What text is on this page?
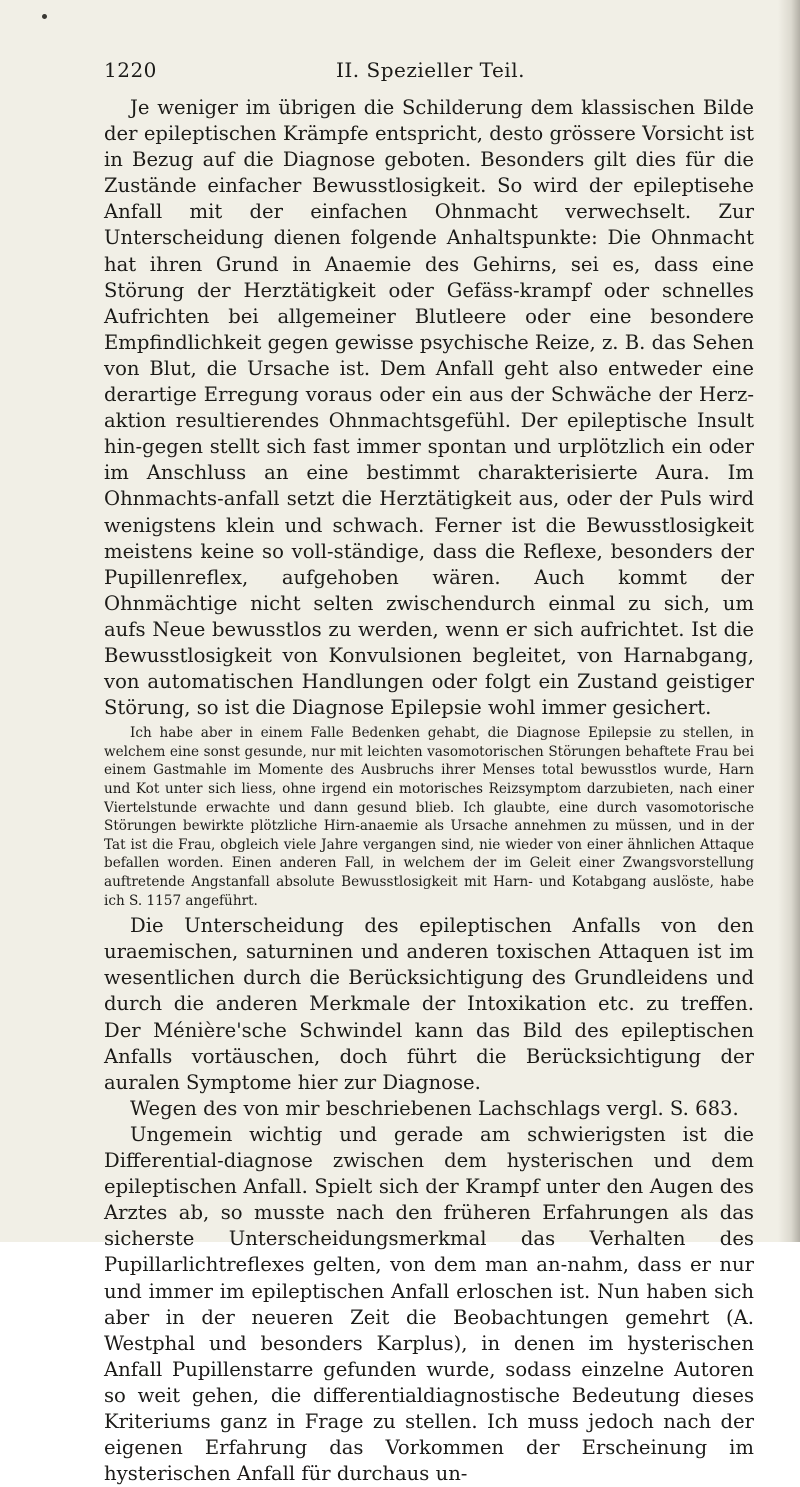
1220	II. Spezieller Teil.

Je weniger im übrigen die Schilderung dem klassischen Bilde der epileptischen Krämpfe entspricht, desto grössere Vorsicht ist in Bezug auf die Diagnose geboten. Besonders gilt dies für die Zustände einfacher Bewusstlosigkeit. So wird der epileptisehe Anfall mit der einfachen Ohnmacht verwechselt. Zur Unterscheidung dienen folgende Anhaltspunkte: Die Ohnmacht hat ihren Grund in Anaemie des Gehirns, sei es, dass eine Störung der Herztätigkeit oder Gefäss-krampf oder schnelles Aufrichten bei allgemeiner Blutleere oder eine besondere Empfindlichkeit gegen gewisse psychische Reize, z. B. das Sehen von Blut, die Ursache ist. Dem Anfall geht also entweder eine derartige Erregung voraus oder ein aus der Schwäche der Herz-aktion resultierendes Ohnmachtsgefühl. Der epileptische Insult hin-gegen stellt sich fast immer spontan und urplötzlich ein oder im Anschluss an eine bestimmt charakterisierte Aura. Im Ohnmachts-anfall setzt die Herztätigkeit aus, oder der Puls wird wenigstens klein und schwach. Ferner ist die Bewusstlosigkeit meistens keine so voll-ständige, dass die Reflexe, besonders der Pupillenreflex, aufgehoben wären. Auch kommt der Ohnmächtige nicht selten zwischendurch einmal zu sich, um aufs Neue bewusstlos zu werden, wenn er sich aufrichtet. Ist die Bewusstlosigkeit von Konvulsionen begleitet, von Harnabgang, von automatischen Handlungen oder folgt ein Zustand geistiger Störung, so ist die Diagnose Epilepsie wohl immer gesichert.

Ich habe aber in einem Falle Bedenken gehabt, die Diagnose Epilepsie zu stellen, in welchem eine sonst gesunde, nur mit leichten vasomotorischen Störungen behaftete Frau bei einem Gastmahle im Momente des Ausbruchs ihrer Menses total bewusstlos wurde, Harn und Kot unter sich liess, ohne irgend ein motorisches Reizsymptom darzubieten, nach einer Viertelstunde erwachte und dann gesund blieb. Ich glaubte, eine durch vasomotorische Störungen bewirkte plötzliche Hirn-anaemie als Ursache annehmen zu müssen, und in der Tat ist die Frau, obgleich viele Jahre vergangen sind, nie wieder von einer ähnlichen Attaque befallen worden. Einen anderen Fall, in welchem der im Geleit einer Zwangsvorstellung auftretende Angstanfall absolute Bewusstlosigkeit mit Harn- und Kotabgang auslöste, habe ich S. 1157 angeführt.

Die Unterscheidung des epileptischen Anfalls von den uraemischen, saturninen und anderen toxischen Attaquen ist im wesentlichen durch die Berücksichtigung des Grundleidens und durch die anderen Merkmale der Intoxikation etc. zu treffen. Der Ménière'sche Schwindel kann das Bild des epileptischen Anfalls vortäuschen, doch führt die Berücksichtigung der auralen Symptome hier zur Diagnose.

Wegen des von mir beschriebenen Lachschlags vergl. S. 683.

Ungemein wichtig und gerade am schwierigsten ist die Differential-diagnose zwischen dem hysterischen und dem epileptischen Anfall. Spielt sich der Krampf unter den Augen des Arztes ab, so musste nach den früheren Erfahrungen als das sicherste Unterscheidungsmerkmal das Verhalten des Pupillarlichtreflexes gelten, von dem man an-nahm, dass er nur und immer im epileptischen Anfall erloschen ist. Nun haben sich aber in der neueren Zeit die Beobachtungen gemehrt (A. Westphal und besonders Karplus), in denen im hysterischen Anfall Pupillenstarre gefunden wurde, sodass einzelne Autoren so weit gehen, die differentialdiagnostische Bedeutung dieses Kriteriums ganz in Frage zu stellen. Ich muss jedoch nach der eigenen Erfahrung das Vorkommen der Erscheinung im hysterischen Anfall für durchaus un-
